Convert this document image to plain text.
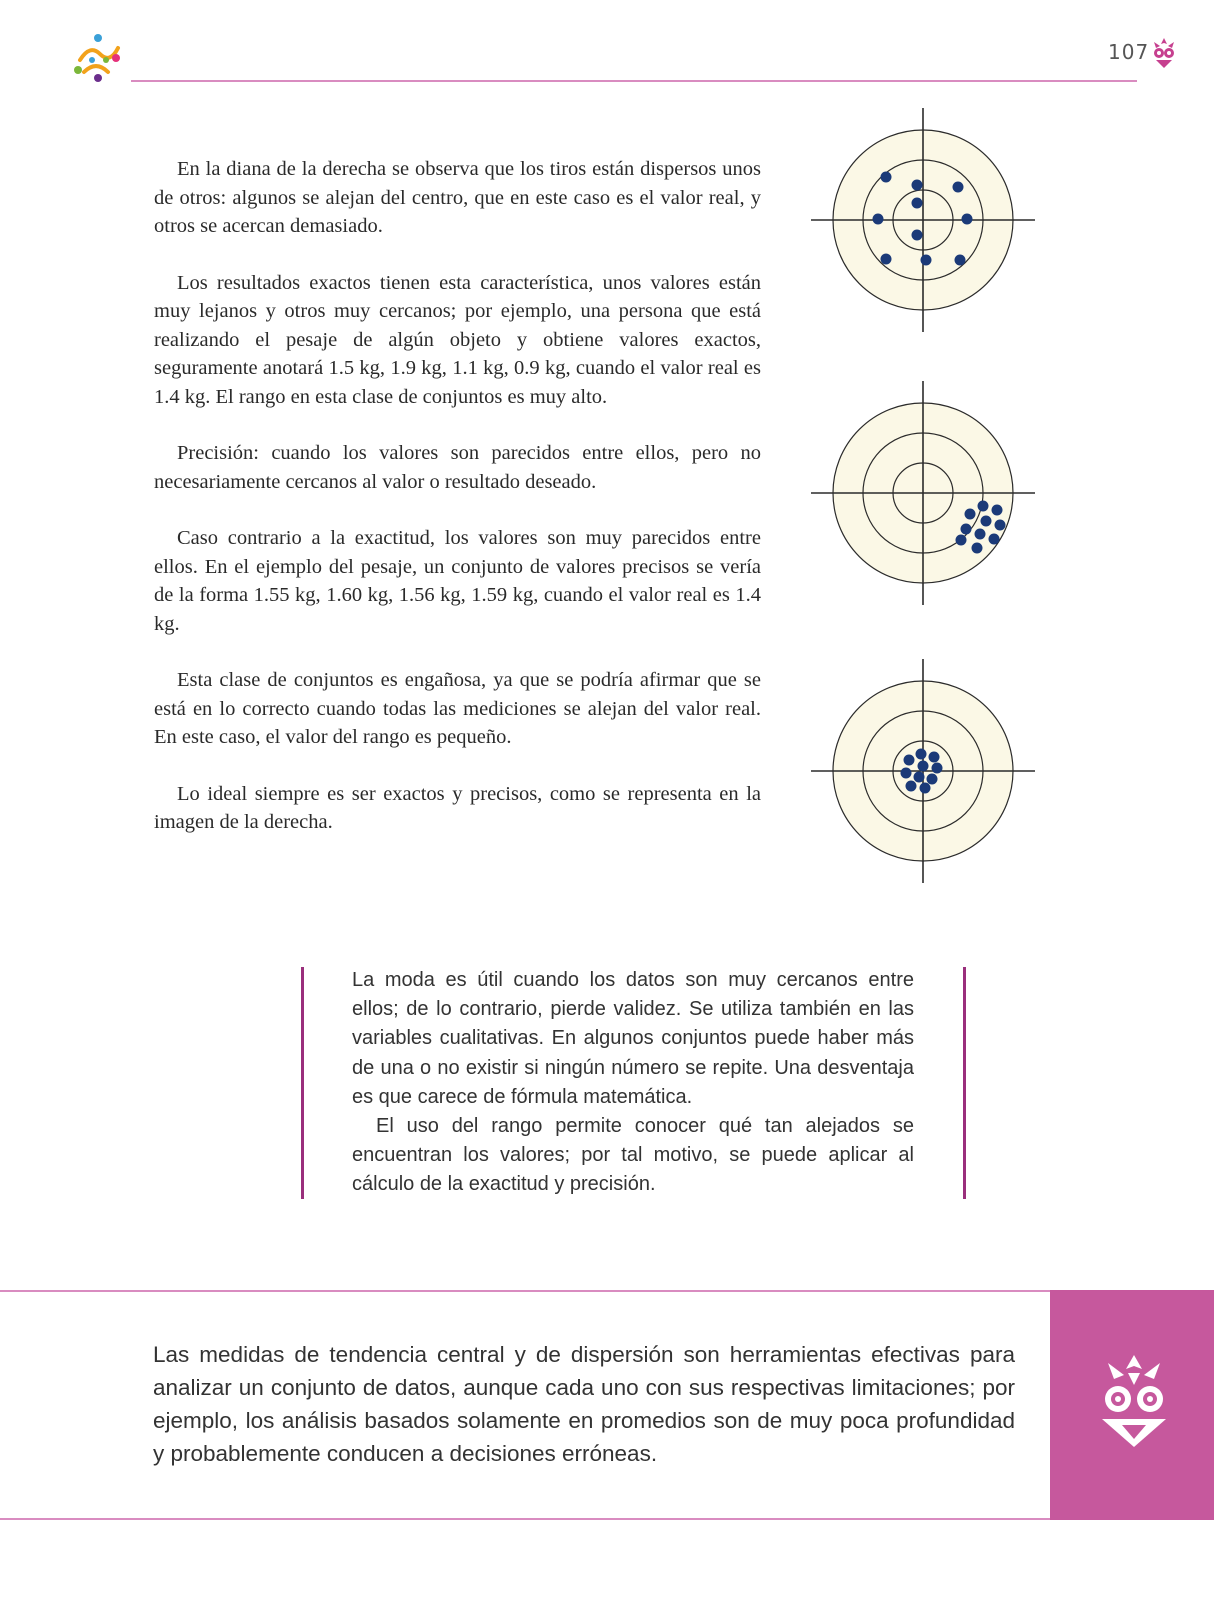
107

En la diana de la derecha se observa que los tiros están dispersos unos de otros: algunos se alejan del centro, que en este caso es el valor real, y otros se acercan demasiado.

Los resultados exactos tienen esta característica, unos valores están muy lejanos y otros muy cercanos; por ejemplo, una persona que está realizando el pesaje de algún objeto y obtiene valores exactos, seguramente anotará 1.5 kg, 1.9 kg, 1.1 kg, 0.9 kg, cuando el valor real es 1.4 kg. El rango en esta clase de conjuntos es muy alto.

Precisión: cuando los valores son parecidos entre ellos, pero no necesariamente cercanos al valor o resultado deseado.

Caso contrario a la exactitud, los valores son muy parecidos entre ellos. En el ejemplo del pesaje, un conjunto de valores precisos se vería de la forma 1.55 kg, 1.60 kg, 1.56 kg, 1.59 kg, cuando el valor real es 1.4 kg.

Esta clase de conjuntos es engañosa, ya que se podría afirmar que se está en lo correcto cuando todas las mediciones se alejan del valor real. En este caso, el valor del rango es pequeño.

Lo ideal siempre es ser exactos y precisos, como se representa en la imagen de la derecha.

La moda es útil cuando los datos son muy cercanos entre ellos; de lo contrario, pierde validez. Se utiliza también en las variables cualitativas. En algunos conjuntos puede haber más de una o no existir si ningún número se repite. Una desventaja es que carece de fórmula matemática.

El uso del rango permite conocer qué tan alejados se encuentran los valores; por tal motivo, se puede aplicar al cálculo de la exactitud y precisión.

Las medidas de tendencia central y de dispersión son herramientas efectivas para analizar un conjunto de datos, aunque cada uno con sus respectivas limitaciones; por ejemplo, los análisis basados solamente en promedios son de muy poca profundidad y probablemente conducen a decisiones erróneas.
